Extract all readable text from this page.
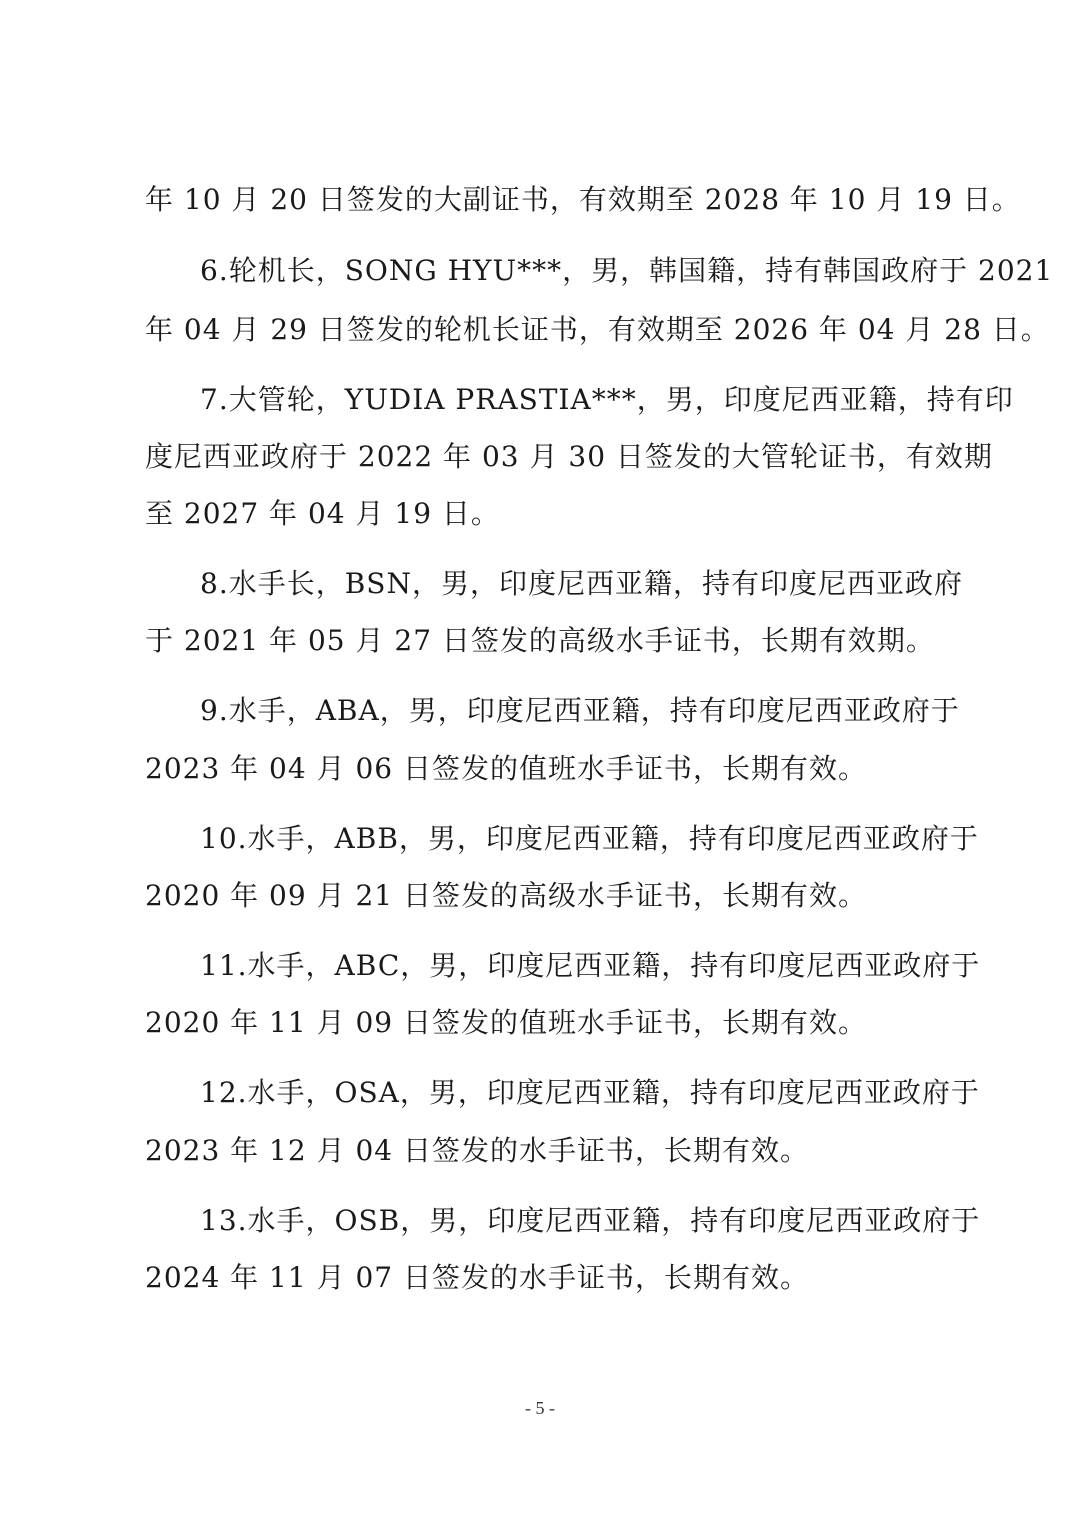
年 10 月 20 日签发的大副证书，有效期至 2028 年 10 月 19 日。
6.轮机长，SONG HYU***，男，韩国籍，持有韩国政府于 2021
年 04 月 29 日签发的轮机长证书，有效期至 2026 年 04 月 28 日。
7.大管轮，YUDIA PRASTIA***，男，印度尼西亚籍，持有印
度尼西亚政府于 2022 年 03 月 30 日签发的大管轮证书，有效期
至 2027 年 04 月 19 日。
8.水手长，BSN，男，印度尼西亚籍，持有印度尼西亚政府
于 2021 年 05 月 27 日签发的高级水手证书，长期有效期。
9.水手，ABA，男，印度尼西亚籍，持有印度尼西亚政府于
2023 年 04 月 06 日签发的值班水手证书，长期有效。
10.水手，ABB，男，印度尼西亚籍，持有印度尼西亚政府于
2020 年 09 月 21 日签发的高级水手证书，长期有效。
11.水手，ABC，男，印度尼西亚籍，持有印度尼西亚政府于
2020 年 11 月 09 日签发的值班水手证书，长期有效。
12.水手，OSA，男，印度尼西亚籍，持有印度尼西亚政府于
2023 年 12 月 04 日签发的水手证书，长期有效。
13.水手，OSB，男，印度尼西亚籍，持有印度尼西亚政府于
2024 年 11 月 07 日签发的水手证书，长期有效。
- 5 -
